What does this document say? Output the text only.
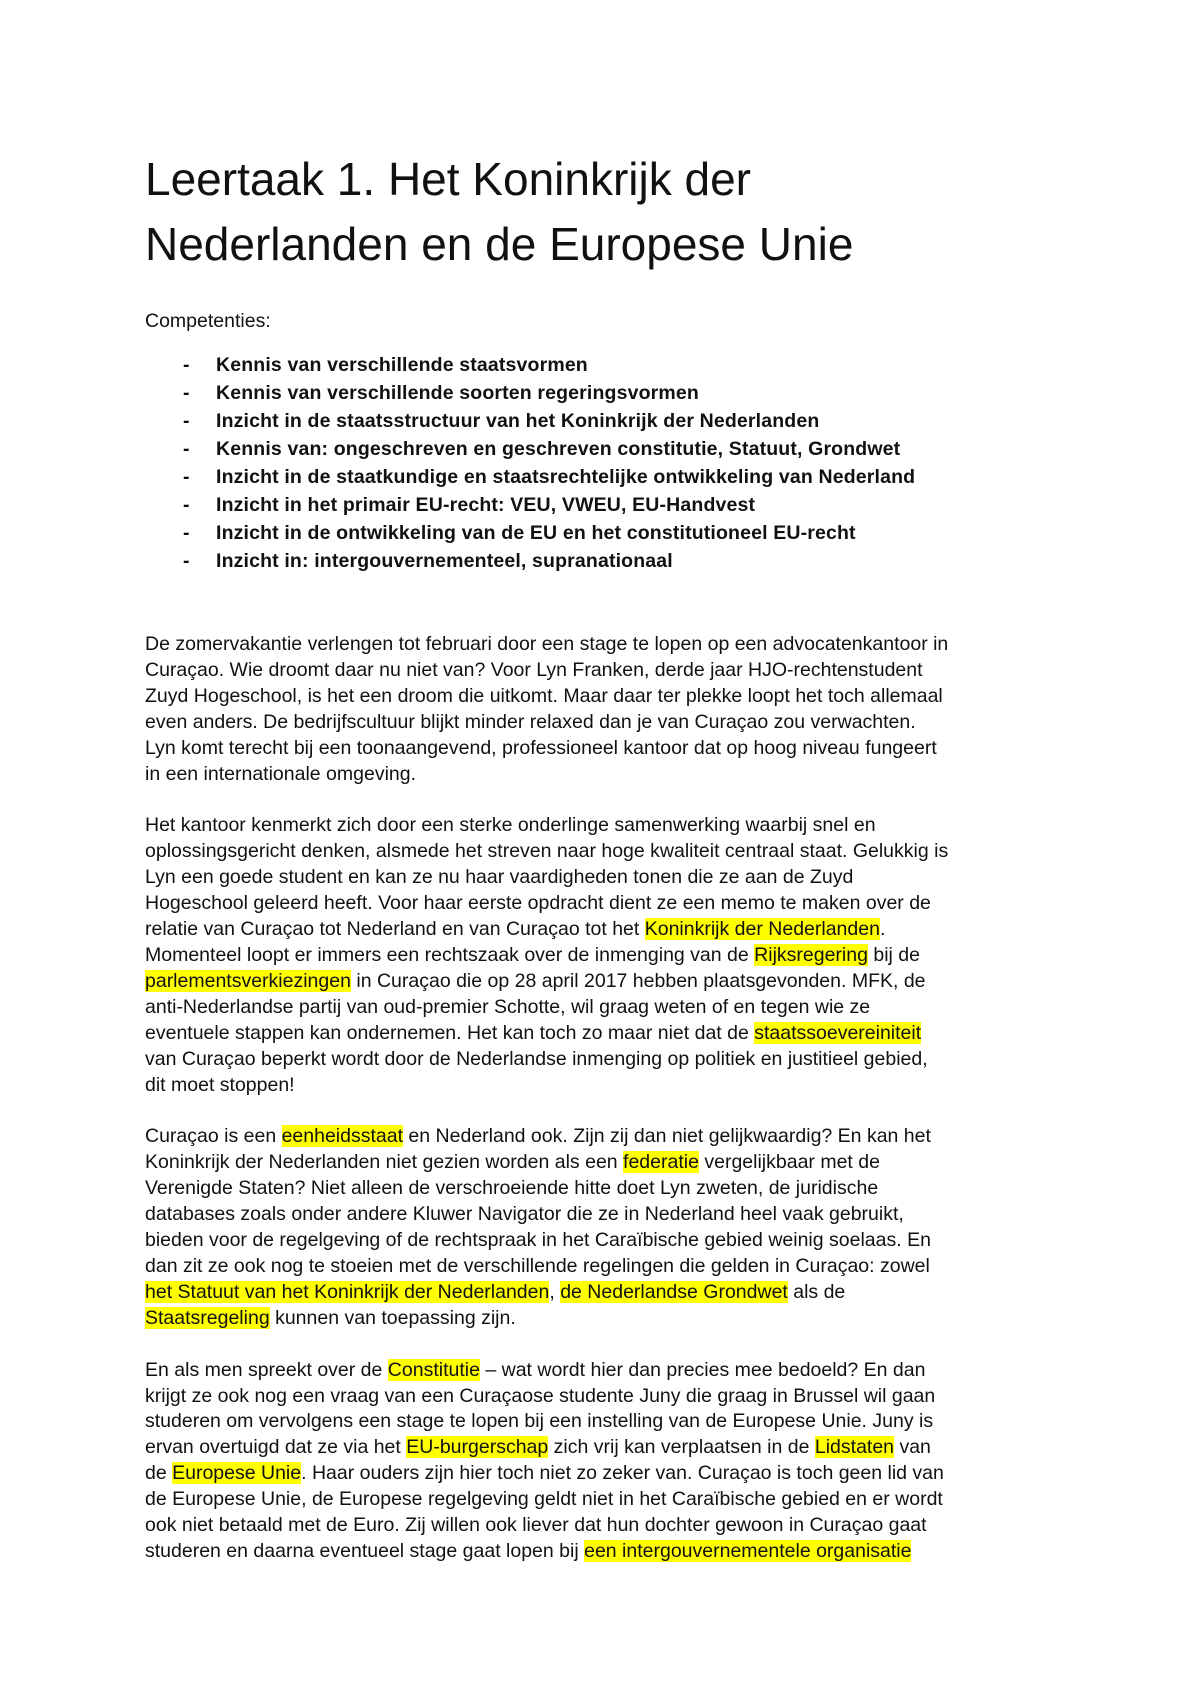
Leertaak 1. Het Koninkrijk der
Nederlanden en de Europese Unie

Competenties:

- Kennis van verschillende staatsvormen
- Kennis van verschillende soorten regeringsvormen
- Inzicht in de staatsstructuur van het Koninkrijk der Nederlanden
- Kennis van: ongeschreven en geschreven constitutie, Statuut, Grondwet
- Inzicht in de staatkundige en staatsrechtelijke ontwikkeling van Nederland
- Inzicht in het primair EU-recht: VEU, VWEU, EU-Handvest
- Inzicht in de ontwikkeling van de EU en het constitutioneel EU-recht
- Inzicht in: intergouvernementeel, supranationaal

De zomervakantie verlengen tot februari door een stage te lopen op een advocatenkantoor in
Curaçao. Wie droomt daar nu niet van? Voor Lyn Franken, derde jaar HJO-rechtenstudent
Zuyd Hogeschool, is het een droom die uitkomt. Maar daar ter plekke loopt het toch allemaal
even anders. De bedrijfscultuur blijkt minder relaxed dan je van Curaçao zou verwachten.
Lyn komt terecht bij een toonaangevend, professioneel kantoor dat op hoog niveau fungeert
in een internationale omgeving.

Het kantoor kenmerkt zich door een sterke onderlinge samenwerking waarbij snel en
oplossingsgericht denken, alsmede het streven naar hoge kwaliteit centraal staat. Gelukkig is
Lyn een goede student en kan ze nu haar vaardigheden tonen die ze aan de Zuyd
Hogeschool geleerd heeft. Voor haar eerste opdracht dient ze een memo te maken over de
relatie van Curaçao tot Nederland en van Curaçao tot het Koninkrijk der Nederlanden.
Momenteel loopt er immers een rechtszaak over de inmenging van de Rijksregering bij de
parlementsverkiezingen in Curaçao die op 28 april 2017 hebben plaatsgevonden. MFK, de
anti-Nederlandse partij van oud-premier Schotte, wil graag weten of en tegen wie ze
eventuele stappen kan ondernemen. Het kan toch zo maar niet dat de staatssoevereiniteit
van Curaçao beperkt wordt door de Nederlandse inmenging op politiek en justitieel gebied,
dit moet stoppen!

Curaçao is een eenheidsstaat en Nederland ook. Zijn zij dan niet gelijkwaardig? En kan het
Koninkrijk der Nederlanden niet gezien worden als een federatie vergelijkbaar met de
Verenigde Staten? Niet alleen de verschroeiende hitte doet Lyn zweten, de juridische
databases zoals onder andere Kluwer Navigator die ze in Nederland heel vaak gebruikt,
bieden voor de regelgeving of de rechtspraak in het Caraïbische gebied weinig soelaas. En
dan zit ze ook nog te stoeien met de verschillende regelingen die gelden in Curaçao: zowel
het Statuut van het Koninkrijk der Nederlanden, de Nederlandse Grondwet als de
Staatsregeling kunnen van toepassing zijn.

En als men spreekt over de Constitutie – wat wordt hier dan precies mee bedoeld? En dan
krijgt ze ook nog een vraag van een Curaçaose studente Juny die graag in Brussel wil gaan
studeren om vervolgens een stage te lopen bij een instelling van de Europese Unie. Juny is
ervan overtuigd dat ze via het EU-burgerschap zich vrij kan verplaatsen in de Lidstaten van
de Europese Unie. Haar ouders zijn hier toch niet zo zeker van. Curaçao is toch geen lid van
de Europese Unie, de Europese regelgeving geldt niet in het Caraïbische gebied en er wordt
ook niet betaald met de Euro. Zij willen ook liever dat hun dochter gewoon in Curaçao gaat
studeren en daarna eventueel stage gaat lopen bij een intergouvernementele organisatie
